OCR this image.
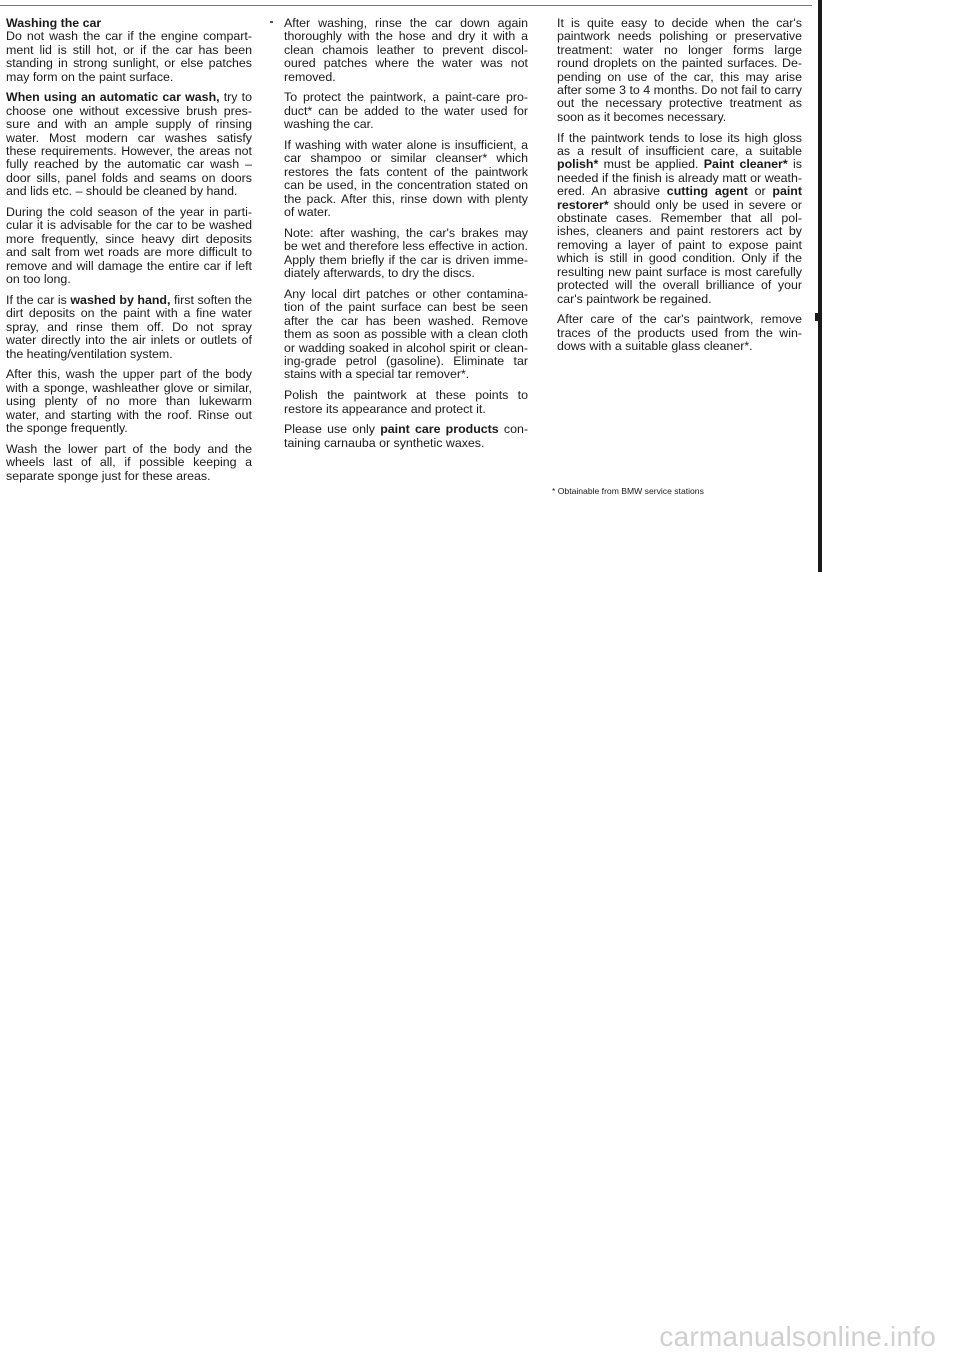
Washing the car

Do not wash the car if the engine compartment lid is still hot, or if the car has been standing in strong sunlight, or else patches may form on the paint surface.

When using an automatic car wash, try to choose one without excessive brush pressure and with an ample supply of rinsing water. Most modern car washes satisfy these requirements. However, the areas not fully reached by the automatic car wash – door sills, panel folds and seams on doors and lids etc. – should be cleaned by hand.

During the cold season of the year in particular it is advisable for the car to be washed more frequently, since heavy dirt deposits and salt from wet roads are more difficult to remove and will damage the entire car if left on too long.

If the car is washed by hand, first soften the dirt deposits on the paint with a fine water spray, and rinse them off. Do not spray water directly into the air inlets or outlets of the heating/ventilation system.

After this, wash the upper part of the body with a sponge, washleather glove or similar, using plenty of no more than lukewarm water, and starting with the roof. Rinse out the sponge frequently.

Wash the lower part of the body and the wheels last of all, if possible keeping a separate sponge just for these areas.

After washing, rinse the car down again thoroughly with the hose and dry it with a clean chamois leather to prevent discoloured patches where the water was not removed.

To protect the paintwork, a paint-care product* can be added to the water used for washing the car.

If washing with water alone is insufficient, a car shampoo or similar cleanser* which restores the fats content of the paintwork can be used, in the concentration stated on the pack. After this, rinse down with plenty of water.

Note: after washing, the car's brakes may be wet and therefore less effective in action. Apply them briefly if the car is driven immediately afterwards, to dry the discs.

Any local dirt patches or other contamination of the paint surface can best be seen after the car has been washed. Remove them as soon as possible with a clean cloth or wadding soaked in alcohol spirit or cleaning-grade petrol (gasoline). Eliminate tar stains with a special tar remover*.

Polish the paintwork at these points to restore its appearance and protect it.

Please use only paint care products containing carnauba or synthetic waxes.

It is quite easy to decide when the car's paintwork needs polishing or preservative treatment: water no longer forms large round droplets on the painted surfaces. Depending on use of the car, this may arise after some 3 to 4 months. Do not fail to carry out the necessary protective treatment as soon as it becomes necessary.

If the paintwork tends to lose its high gloss as a result of insufficient care, a suitable polish* must be applied. Paint cleaner* is needed if the finish is already matt or weathered. An abrasive cutting agent or paint restorer* should only be used in severe or obstinate cases. Remember that all polishes, cleaners and paint restorers act by removing a layer of paint to expose paint which is still in good condition. Only if the resulting new paint surface is most carefully protected will the overall brilliance of your car's paintwork be regained.

After care of the car's paintwork, remove traces of the products used from the windows with a suitable glass cleaner*.

* Obtainable from BMW service stations
carmanualsonline.info
